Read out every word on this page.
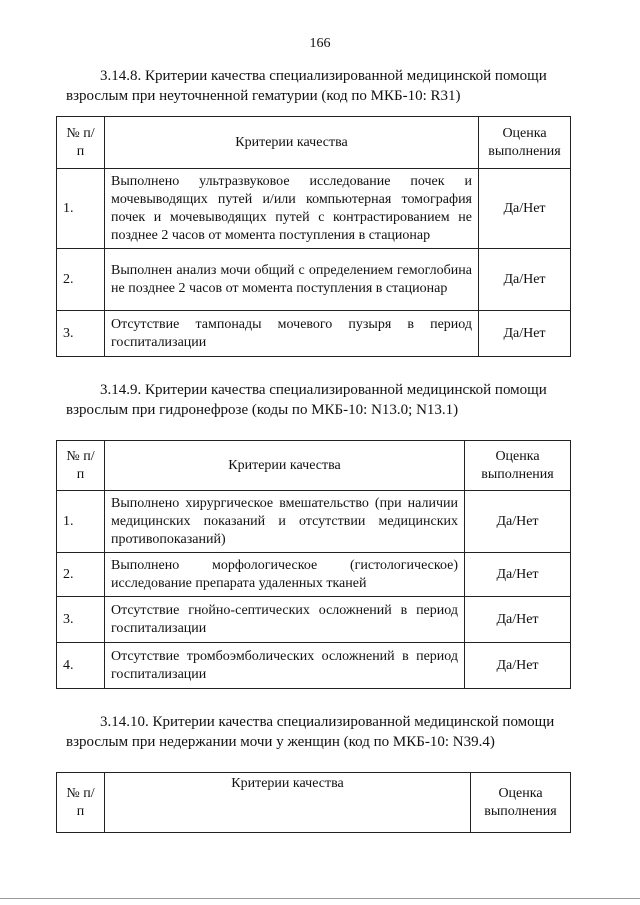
166
3.14.8. Критерии качества специализированной медицинской помощи
взрослым при неуточненной гематурии (код по МКБ-10: R31)
№ п/п	Критерии качества	Оценка выполнения
1.	Выполнено ультразвуковое исследование почек и мочевыводящих путей и/или компьютерная томография почек и мочевыводящих путей с контрастированием не позднее 2 часов от момента поступления в стационар	Да/Нет
2.	Выполнен анализ мочи общий с определением гемоглобина не позднее 2 часов от момента поступления в стационар	Да/Нет
3.	Отсутствие тампонады мочевого пузыря в период госпитализации	Да/Нет
3.14.9. Критерии качества специализированной медицинской помощи
взрослым при гидронефрозе (коды по МКБ-10: N13.0; N13.1)
№ п/п	Критерии качества	Оценка выполнения
1.	Выполнено хирургическое вмешательство (при наличии медицинских показаний и отсутствии медицинских противопоказаний)	Да/Нет
2.	Выполнено морфологическое (гистологическое) исследование препарата удаленных тканей	Да/Нет
3.	Отсутствие гнойно-септических осложнений в период госпитализации	Да/Нет
4.	Отсутствие тромбоэмболических осложнений в период госпитализации	Да/Нет
3.14.10. Критерии качества специализированной медицинской помощи
взрослым при недержании мочи у женщин (код по МКБ-10: N39.4)
№ п/п	Критерии качества	Оценка выполнения
